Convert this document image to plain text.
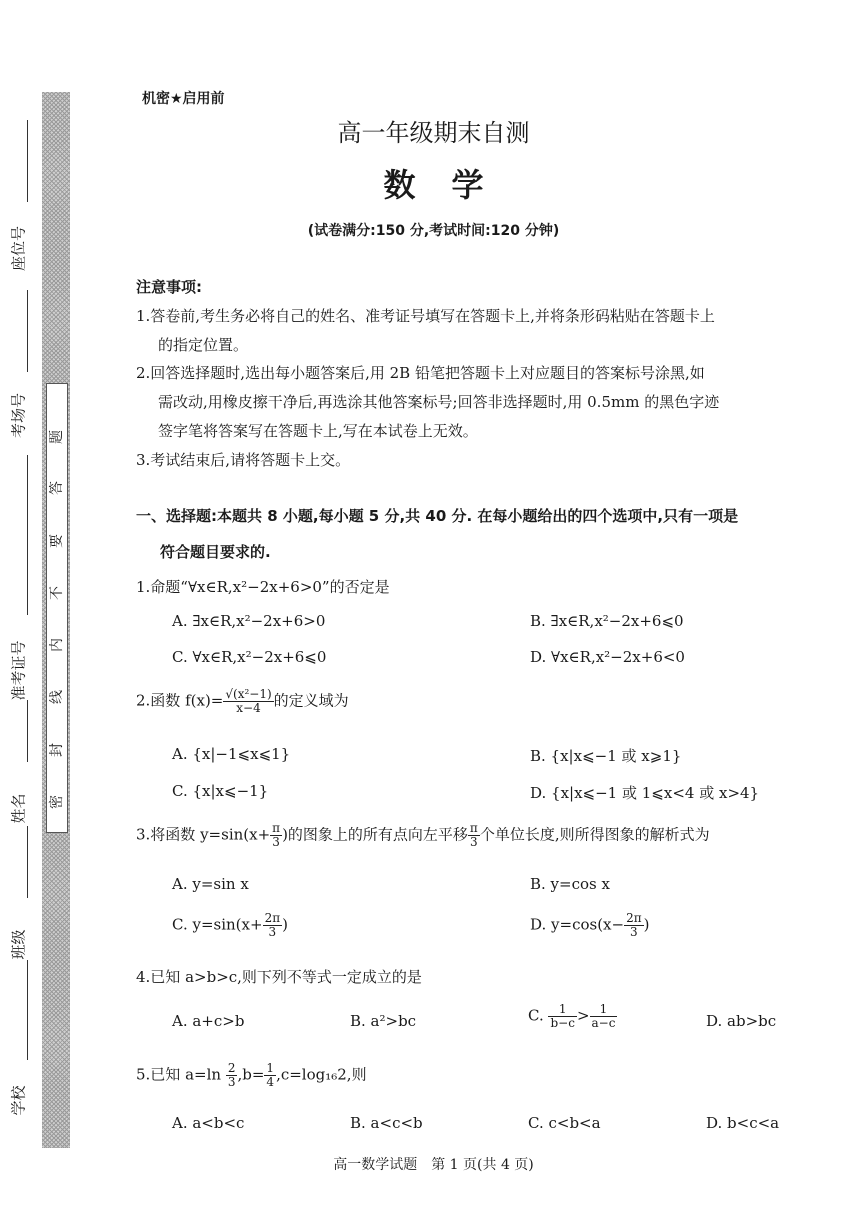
密
封
线
内
不
要
答
题
座位号
考场号
准考证号
姓名
班级
学校
机密★启用前
高一年级期末自测
数学
(试卷满分:150 分,考试时间:120 分钟)
注意事项:
1.答卷前,考生务必将自己的姓名、准考证号填写在答题卡上,并将条形码粘贴在答题卡上
的指定位置。
2.回答选择题时,选出每小题答案后,用 2B 铅笔把答题卡上对应题目的答案标号涂黑,如
需改动,用橡皮擦干净后,再选涂其他答案标号;回答非选择题时,用 0.5mm 的黑色字迹
签字笔将答案写在答题卡上,写在本试卷上无效。
3.考试结束后,请将答题卡上交。
一、选择题:本题共 8 小题,每小题 5 分,共 40 分. 在每小题给出的四个选项中,只有一项是
符合题目要求的.
1.命题“∀x∈R,x²−2x+6>0”的否定是
A. ∃x∈R,x²−2x+6>0	B. ∃x∈R,x²−2x+6⩽0
C. ∀x∈R,x²−2x+6⩽0	D. ∀x∈R,x²−2x+6<0
2.函数 $f(x)= \frac{\text{√(x²−1)}}{x-4}$ 的定义域为
A. {x|−1⩽x⩽1}	B. {x|x⩽−1 或 x⩾1}
C. {x|x⩽−1}	D. {x|x⩽−1 或 1⩽x<4 或 x>4}
3.将函数 $y=\sin(x+ \frac{\pi}{3}$ )的图象上的所有点向左平移 $\frac{\pi}{3}$ 个单位长度,则所得图象的解析式为
A. y=sin x	B. y=cos x
C. $y=\sin(x+ \frac{2\pi}{3}$ )	D. $y=\cos(x- \frac{2\pi}{3}$ )
4.已知 a>b>c,则下列不等式一定成立的是
A. a+c>b	B. a²>bc	C. $\frac{1}{b-c} > \frac{1}{a-c}$	D. ab>bc
5.已知 $a=\ln \frac{2}{3} ,b= \frac{1}{4} ,c=\log_{16}2$,则
A. a<b<c	B. a<c<b	C. c<b<a	D. b<c<a
高一数学试题　第 1 页(共 4 页)
